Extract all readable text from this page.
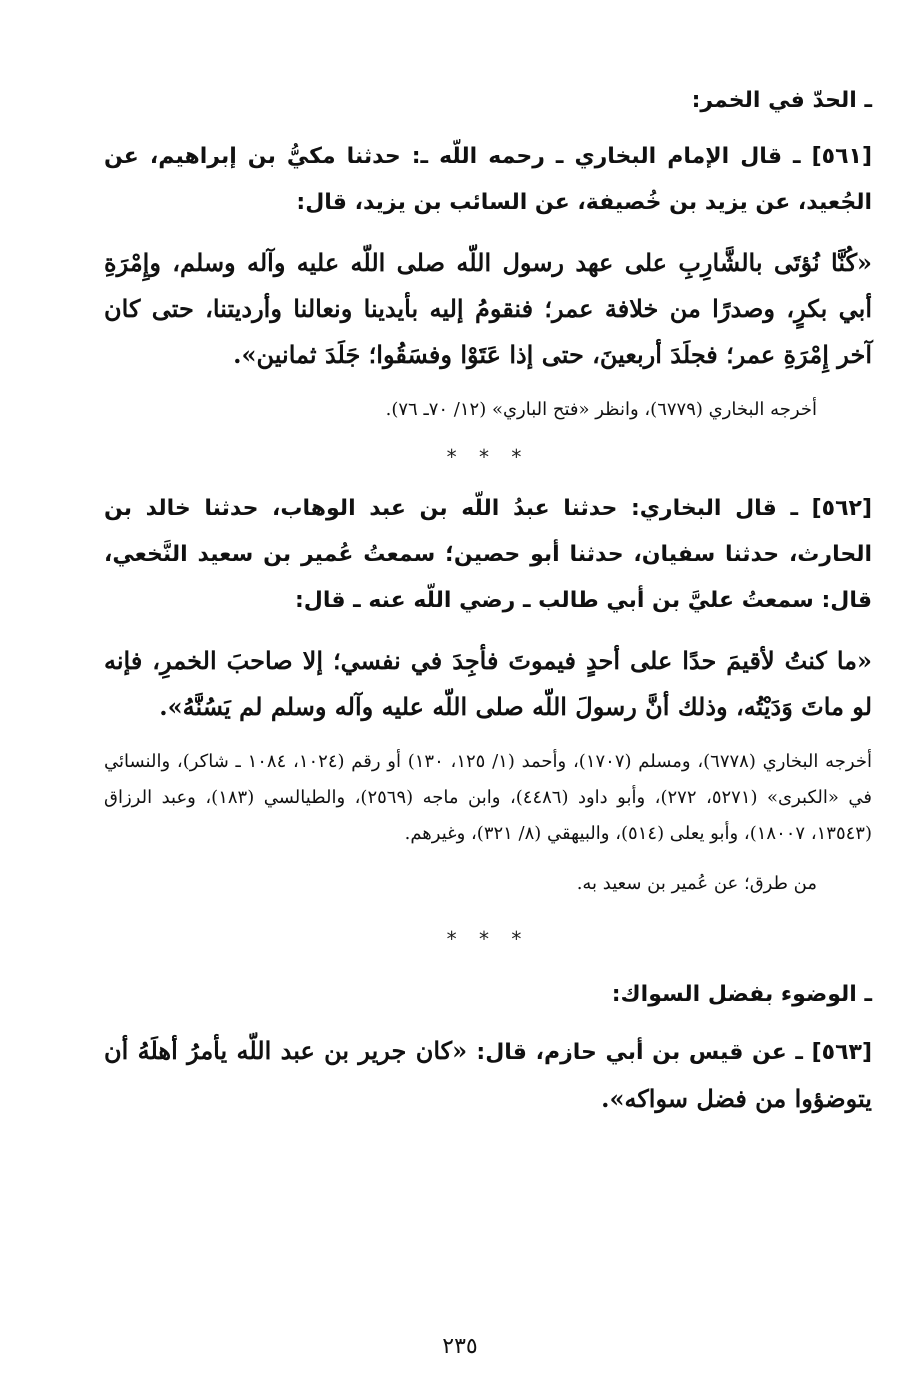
ـ الحدّ في الخمر:

[٥٦١] ـ قال الإمام البخاري ـ رحمه اللّه ـ: حدثنا مكيُّ بن إبراهيم، عن الجُعيد، عن يزيد بن خُصيفة، عن السائب بن يزيد، قال:

«كُنَّا نُؤتَى بالشَّارِبِ على عهد رسول اللّه صلى اللّه عليه وآله وسلم، وإِمْرَةِ أبي بكرٍ، وصدرًا من خلافة عمر؛ فنقومُ إليه بأيدينا ونعالنا وأرديتنا، حتى كان آخر إِمْرَةِ عمر؛ فجلَدَ أربعينَ، حتى إذا عَتَوْا وفسَقُوا؛ جَلَدَ ثمانين».

أخرجه البخاري (٦٧٧٩)، وانظر «فتح الباري» (١٢/ ٧٠ـ ٧٦).

* * *

[٥٦٢] ـ قال البخاري: حدثنا عبدُ اللّه بن عبد الوهاب، حدثنا خالد بن الحارث، حدثنا سفيان، حدثنا أبو حصين؛ سمعتُ عُمير بن سعيد النَّخعي، قال: سمعتُ عليَّ بن أبي طالب ـ رضي اللّه عنه ـ قال:

«ما كنتُ لأقيمَ حدًا على أحدٍ فيموتَ فأجِدَ في نفسي؛ إلا صاحبَ الخمرِ، فإنه لو ماتَ وَدَيْتُه، وذلك أنَّ رسولَ اللّه صلى اللّه عليه وآله وسلم لم يَسُنَّهُ».

أخرجه البخاري (٦٧٧٨)، ومسلم (١٧٠٧)، وأحمد (١/ ١٢٥، ١٣٠) أو رقم (١٠٢٤، ١٠٨٤ ـ شاكر)، والنسائي في «الكبرى» (٥٢٧١، ٢٧٢)، وأبو داود (٤٤٨٦)، وابن ماجه (٢٥٦٩)، والطيالسي (١٨٣)، وعبد الرزاق (١٣٥٤٣، ١٨٠٠٧)، وأبو يعلى (٥١٤)، والبيهقي (٨/ ٣٢١)، وغيرهم.

من طرق؛ عن عُمير بن سعيد به.

* * *

ـ الوضوء بفضل السواك:

[٥٦٣] ـ عن قيس بن أبي حازم، قال: «كان جرير بن عبد اللّه يأمرُ أهلَهُ أن يتوضؤوا من فضل سواكه».

٢٣٥
